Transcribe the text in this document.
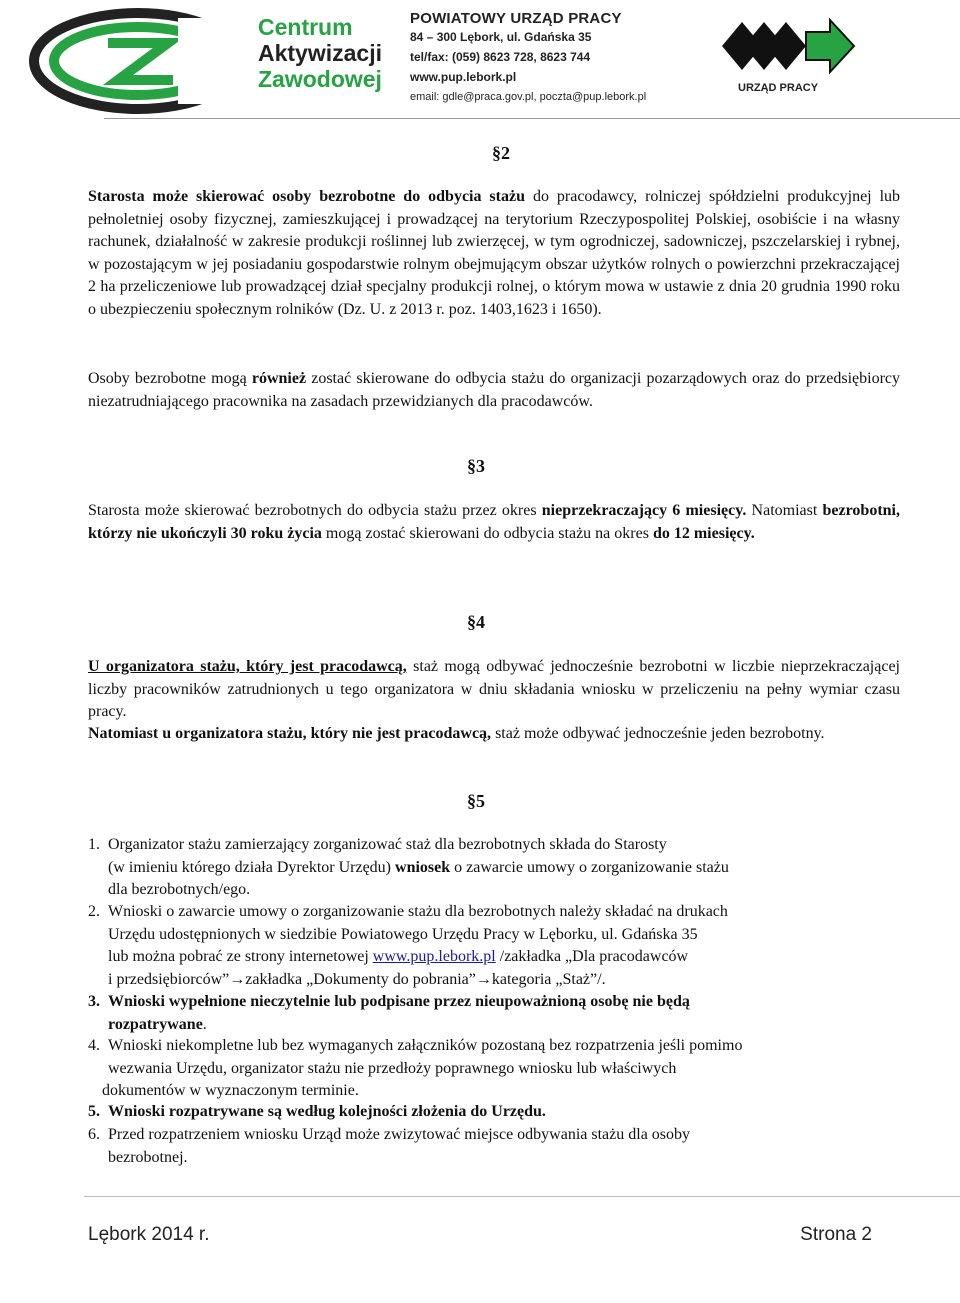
Centrum
Aktywizacji
Zawodowej
POWIATOWY URZĄD PRACY
84 – 300 Lębork, ul. Gdańska 35
tel/fax: (059) 8623 728, 8623 744
www.pup.lebork.pl
email: gdle@praca.gov.pl, poczta@pup.lebork.pl
URZĄD PRACY
§2
Starosta może skierować osoby bezrobotne do odbycia stażu do pracodawcy, rolniczej spółdzielni produkcyjnej lub pełnoletniej osoby fizycznej, zamieszkującej i prowadzącej na terytorium Rzeczypospolitej Polskiej, osobiście i na własny rachunek, działalność w zakresie produkcji roślinnej lub zwierzęcej, w tym ogrodniczej, sadowniczej, pszczelarskiej i rybnej, w pozostającym w jej posiadaniu gospodarstwie rolnym obejmującym obszar użytków rolnych o powierzchni przekraczającej 2 ha przeliczeniowe lub prowadzącej dział specjalny produkcji rolnej, o którym mowa w ustawie z dnia 20 grudnia 1990 roku o ubezpieczeniu społecznym rolników (Dz. U. z 2013 r. poz. 1403,1623 i 1650).
Osoby bezrobotne mogą również zostać skierowane do odbycia stażu do organizacji pozarządowych oraz do przedsiębiorcy niezatrudniającego pracownika na zasadach przewidzianych dla pracodawców.
§3
Starosta może skierować bezrobotnych do odbycia stażu przez okres nieprzekraczający 6 miesięcy. Natomiast bezrobotni, którzy nie ukończyli 30 roku życia mogą zostać skierowani do odbycia stażu na okres do 12 miesięcy.
§4
U organizatora stażu, który jest pracodawcą, staż mogą odbywać jednocześnie bezrobotni w liczbie nieprzekraczającej liczby pracowników zatrudnionych u tego organizatora w dniu składania wniosku w przeliczeniu na pełny wymiar czasu pracy.
Natomiast u organizatora stażu, który nie jest pracodawcą, staż może odbywać jednocześnie jeden bezrobotny.
§5
1. Organizator stażu zamierzający zorganizować staż dla bezrobotnych składa do Starosty
(w imieniu którego działa Dyrektor Urzędu) wniosek o zawarcie umowy o zorganizowanie stażu
dla bezrobotnych/ego.
2. Wnioski o zawarcie umowy o zorganizowanie stażu dla bezrobotnych należy składać na drukach
Urzędu udostępnionych w siedzibie Powiatowego Urzędu Pracy w Lęborku, ul. Gdańska 35
lub można pobrać ze strony internetowej www.pup.lebork.pl /zakładka „Dla pracodawców
i przedsiębiorców”→zakładka „Dokumenty do pobrania”→kategoria „Staż”/.
3. Wnioski wypełnione nieczytelnie lub podpisane przez nieupoważnioną osobę nie będą
rozpatrywane.
4. Wnioski niekompletne lub bez wymaganych załączników pozostaną bez rozpatrzenia jeśli pomimo
wezwania Urzędu, organizator stażu nie przedłoży poprawnego wniosku lub właściwych
dokumentów w wyznaczonym terminie.
5. Wnioski rozpatrywane są według kolejności złożenia do Urzędu.
6. Przed rozpatrzeniem wniosku Urząd może zwizytować miejsce odbywania stażu dla osoby
bezrobotnej.
Lębork 2014 r.	Strona 2
